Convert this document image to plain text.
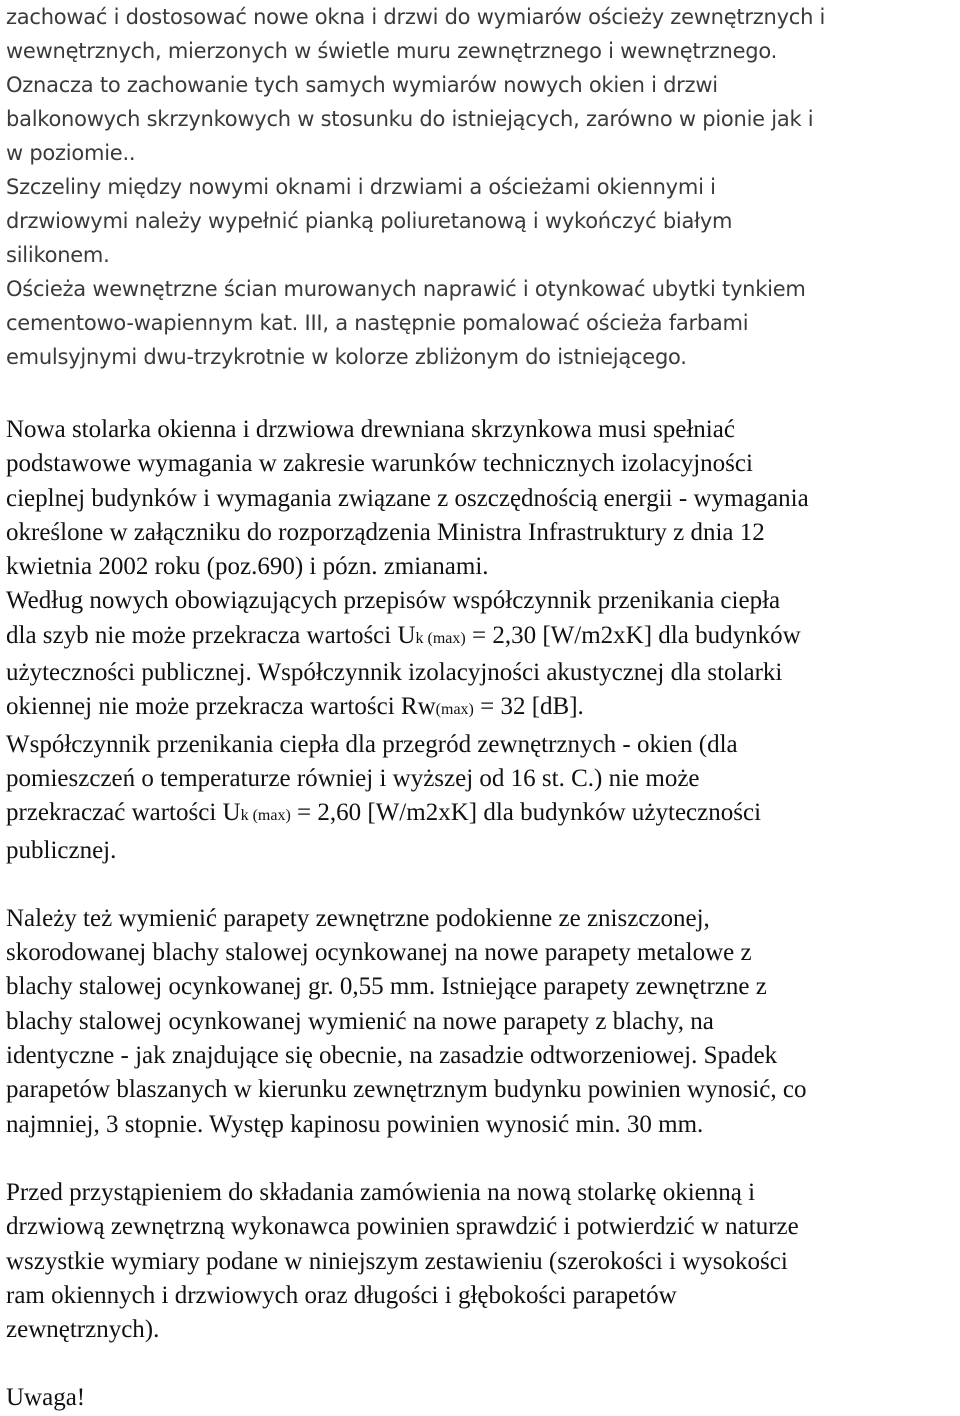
zachować i dostosować nowe okna i drzwi do wymiarów ościeży zewnętrznych i
wewnętrznych, mierzonych w świetle muru zewnętrznego i wewnętrznego.
Oznacza to zachowanie tych samych wymiarów nowych okien i drzwi
balkonowych skrzynkowych w stosunku do istniejących, zarówno w pionie jak i
w poziomie..
Szczeliny między nowymi oknami i drzwiami a ościeżami okiennymi i
drzwiowymi należy wypełnić pianką poliuretanową i wykończyć białym
silikonem.
Ościeża wewnętrzne ścian murowanych naprawić i otynkować ubytki tynkiem
cementowo-wapiennym kat. III, a następnie pomalować ościeża farbami
emulsyjnymi dwu-trzykrotnie w kolorze zbliżonym do istniejącego.
Nowa stolarka okienna i drzwiowa drewniana skrzynkowa musi spełniać
podstawowe wymagania w zakresie warunków technicznych izolacyjności
cieplnej budynków i wymagania związane z oszczędnością energii - wymagania
określone w załączniku do rozporządzenia Ministra Infrastruktury z dnia 12
kwietnia 2002 roku (poz.690) i pózn. zmianami.
Według nowych obowiązujących przepisów współczynnik przenikania ciepła
dla szyb nie może przekracza wartości Uk (max) = 2,30 [W/m2xK] dla budynków
użyteczności publicznej. Współczynnik izolacyjności akustycznej dla stolarki
okiennej nie może przekracza wartości Rw(max) = 32 [dB].
Współczynnik przenikania ciepła dla przegród zewnętrznych - okien (dla
pomieszczeń o temperaturze równiej i wyższej od 16 st. C.) nie może
przekraczać wartości Uk (max) = 2,60 [W/m2xK] dla budynków użyteczności
publicznej.
Należy też wymienić parapety zewnętrzne podokienne ze zniszczonej,
skorodowanej blachy stalowej ocynkowanej na nowe parapety metalowe z
blachy stalowej ocynkowanej gr. 0,55 mm. Istniejące parapety zewnętrzne z
blachy stalowej ocynkowanej wymienić na nowe parapety z blachy, na
identyczne - jak znajdujące się obecnie, na zasadzie odtworzeniowej. Spadek
parapetów blaszanych w kierunku zewnętrznym budynku powinien wynosić, co
najmniej, 3 stopnie. Występ kapinosu powinien wynosić min. 30 mm.
Przed przystąpieniem do składania zamówienia na nową stolarkę okienną i
drzwiową zewnętrzną wykonawca powinien sprawdzić i potwierdzić w naturze
wszystkie wymiary podane w niniejszym zestawieniu (szerokości i wysokości
ram okiennych i drzwiowych oraz długości i głębokości parapetów
zewnętrznych).
Uwaga!
